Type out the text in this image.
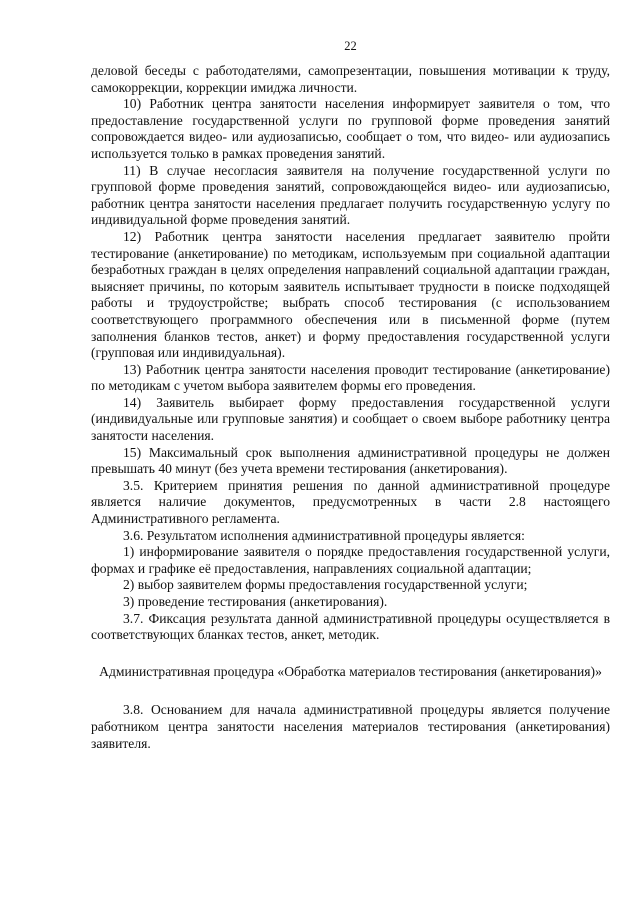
22

деловой беседы с работодателями, самопрезентации, повышения мотивации к труду, самокоррекции, коррекции имиджа личности.

10) Работник центра занятости населения информирует заявителя о том, что предоставление государственной услуги по групповой форме проведения занятий сопровождается видео- или аудиозаписью, сообщает о том, что видео- или аудиозапись используется только в рамках проведения занятий.

11) В случае несогласия заявителя на получение государственной услуги по групповой форме проведения занятий, сопровождающейся видео- или аудиозаписью, работник центра занятости населения предлагает получить государственную услугу по индивидуальной форме проведения занятий.

12) Работник центра занятости населения предлагает заявителю пройти тестирование (анкетирование) по методикам, используемым при социальной адаптации безработных граждан в целях определения направлений социальной адаптации граждан, выясняет причины, по которым заявитель испытывает трудности в поиске подходящей работы и трудоустройстве; выбрать способ тестирования (с использованием соответствующего программного обеспечения или в письменной форме (путем заполнения бланков тестов, анкет) и форму предоставления государственной услуги (групповая или индивидуальная).

13) Работник центра занятости населения проводит тестирование (анкетирование) по методикам с учетом выбора заявителем формы его проведения.

14) Заявитель выбирает форму предоставления государственной услуги (индивидуальные или групповые занятия) и сообщает о своем выборе работнику центра занятости населения.

15) Максимальный срок выполнения административной процедуры не должен превышать 40 минут (без учета времени тестирования (анкетирования).

3.5. Критерием принятия решения по данной административной процедуре является наличие документов, предусмотренных в части 2.8 настоящего Административного регламента.

3.6. Результатом исполнения административной процедуры является:

1) информирование заявителя о порядке предоставления государственной услуги, формах и графике её предоставления, направлениях социальной адаптации;

2) выбор заявителем формы предоставления государственной услуги;

3) проведение тестирования (анкетирования).

3.7. Фиксация результата данной административной процедуры осуществляется в соответствующих бланках тестов, анкет, методик.

Административная процедура «Обработка материалов тестирования (анкетирования)»

3.8. Основанием для начала административной процедуры является получение работником центра занятости населения материалов тестирования (анкетирования) заявителя.
